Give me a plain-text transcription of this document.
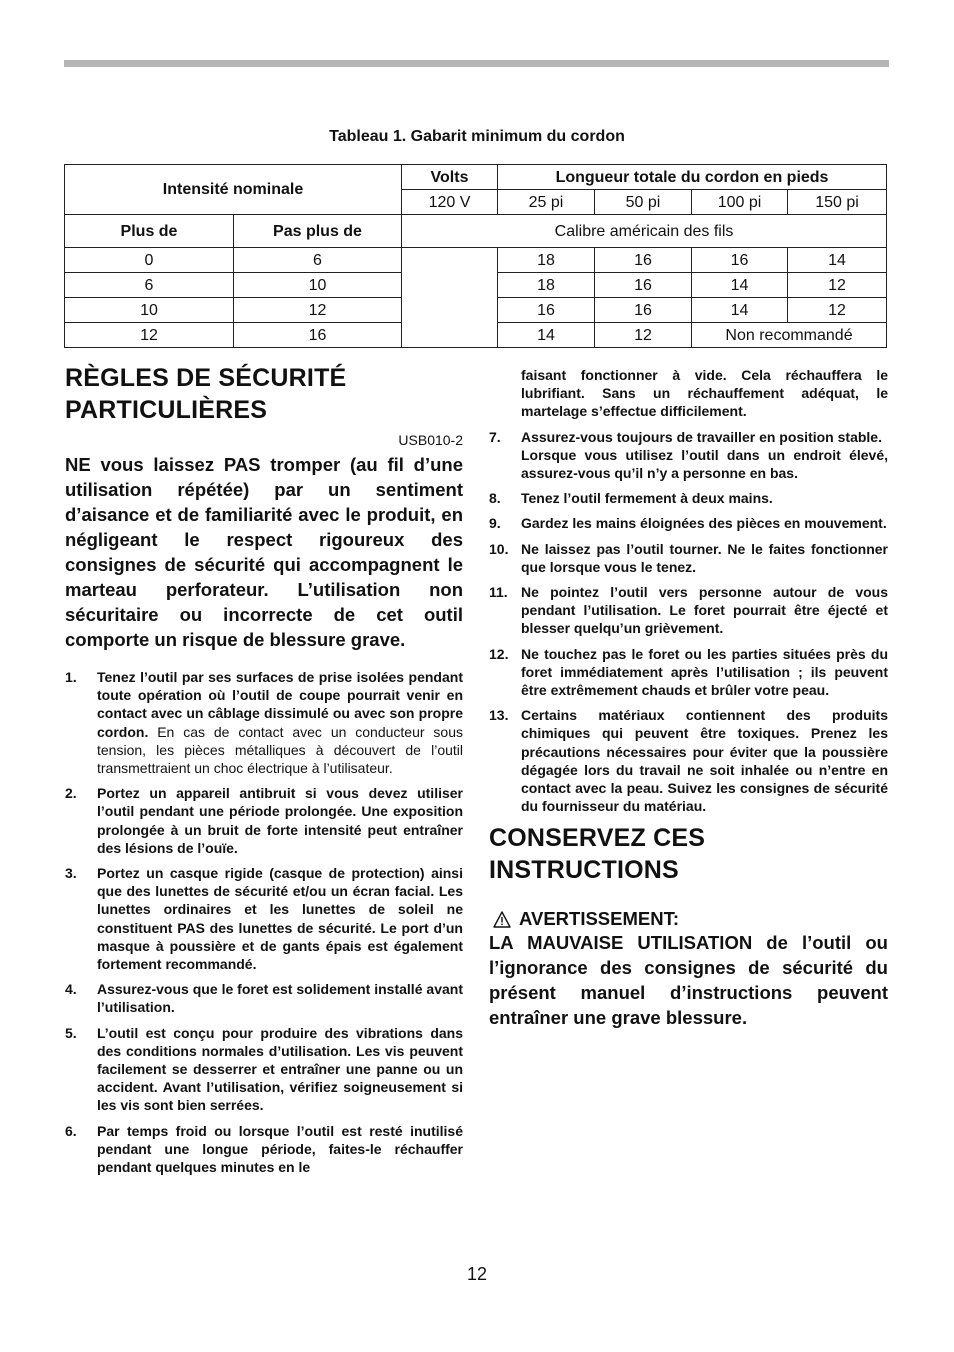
Tableau 1. Gabarit minimum du cordon
Intensité nominale		Volts	Longueur totale du cordon en pieds			
		120 V	25 pi	50 pi	100 pi	150 pi
Plus de	Pas plus de	Calibre américain des fils				
0	6		18	16	16	14
6	10		18	16	14	12
10	12		16	16	14	12
12	16		14	12	Non recommandé	
RÈGLES DE SÉCURITÉ PARTICULIÈRES
USB010-2
NE vous laissez PAS tromper (au fil d’une utilisation répétée) par un sentiment d’aisance et de familiarité avec le produit, en négligeant le respect rigoureux des consignes de sécurité qui accompagnent le marteau perforateur. L’utilisation non sécuritaire ou incorrecte de cet outil comporte un risque de blessure grave.
1. Tenez l’outil par ses surfaces de prise isolées pendant toute opération où l’outil de coupe pourrait venir en contact avec un câblage dissimulé ou avec son propre cordon. En cas de contact avec un conducteur sous tension, les pièces métalliques à découvert de l’outil transmettraient un choc électrique à l’utilisateur.
2. Portez un appareil antibruit si vous devez utiliser l’outil pendant une période prolongée. Une exposition prolongée à un bruit de forte intensité peut entraîner des lésions de l’ouïe.
3. Portez un casque rigide (casque de protection) ainsi que des lunettes de sécurité et/ou un écran facial. Les lunettes ordinaires et les lunettes de soleil ne constituent PAS des lunettes de sécurité. Le port d’un masque à poussière et de gants épais est également fortement recommandé.
4. Assurez-vous que le foret est solidement installé avant l’utilisation.
5. L’outil est conçu pour produire des vibrations dans des conditions normales d’utilisation. Les vis peuvent facilement se desserrer et entraîner une panne ou un accident. Avant l’utilisation, vérifiez soigneusement si les vis sont bien serrées.
6. Par temps froid ou lorsque l’outil est resté inutilisé pendant une longue période, faites-le réchauffer pendant quelques minutes en le
faisant fonctionner à vide. Cela réchauffera le lubrifiant. Sans un réchauffement adéquat, le martelage s’effectue difficilement.
7. Assurez-vous toujours de travailler en position stable.
Lorsque vous utilisez l’outil dans un endroit élevé, assurez-vous qu’il n’y a personne en bas.
8. Tenez l’outil fermement à deux mains.
9. Gardez les mains éloignées des pièces en mouvement.
10. Ne laissez pas l’outil tourner. Ne le faites fonctionner que lorsque vous le tenez.
11. Ne pointez l’outil vers personne autour de vous pendant l’utilisation. Le foret pourrait être éjecté et blesser quelqu’un grièvement.
12. Ne touchez pas le foret ou les parties situées près du foret immédiatement après l’utilisation ; ils peuvent être extrêmement chauds et brûler votre peau.
13. Certains matériaux contiennent des produits chimiques qui peuvent être toxiques. Prenez les précautions nécessaires pour éviter que la poussière dégagée lors du travail ne soit inhalée ou n’entre en contact avec la peau. Suivez les consignes de sécurité du fournisseur du matériau.
CONSERVEZ CES INSTRUCTIONS
AVERTISSEMENT:
LA MAUVAISE UTILISATION de l’outil ou l’ignorance des consignes de sécurité du présent manuel d’instructions peuvent entraîner une grave blessure.
12
